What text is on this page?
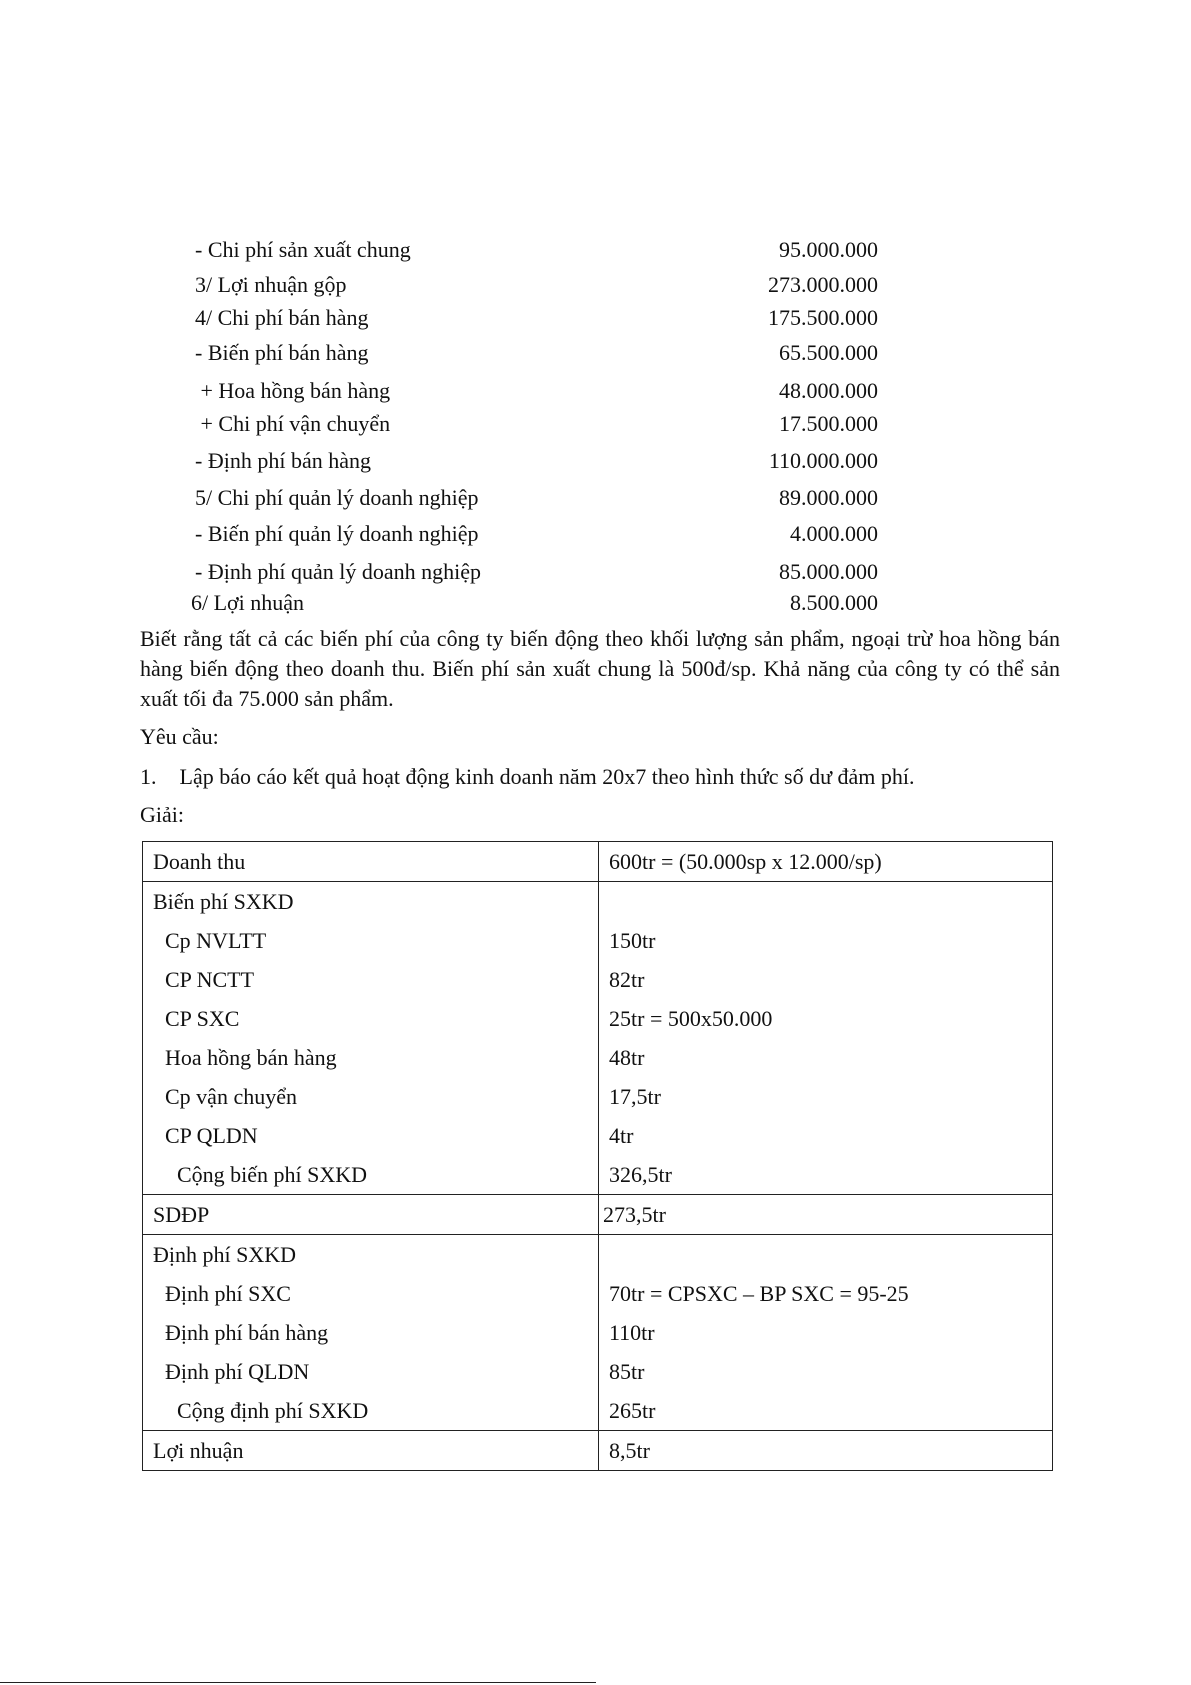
- Chi phí sản xuất chung	95.000.000
3/ Lợi nhuận gộp	273.000.000
4/ Chi phí bán hàng	175.500.000
- Biến phí bán hàng	65.500.000
+ Hoa hồng bán hàng	48.000.000
+ Chi phí vận chuyển	17.500.000
- Định phí bán hàng	110.000.000
5/ Chi phí quản lý doanh nghiệp	89.000.000
- Biến phí quản lý doanh nghiệp	4.000.000
- Định phí quản lý doanh nghiệp	85.000.000
6/ Lợi nhuận	8.500.000
Biết rằng tất cả các biến phí của công ty biến động theo khối lượng sản phẩm, ngoại trừ hoa hồng bán hàng biến động theo doanh thu. Biến phí sản xuất chung là 500đ/sp. Khả năng của công ty có thể sản xuất tối đa 75.000 sản phẩm.
Yêu cầu:
1. Lập báo cáo kết quả hoạt động kinh doanh năm 20x7 theo hình thức số dư đảm phí.
Giải:
Doanh thu	600tr = (50.000sp x 12.000/sp)
Biến phí SXKD	
Cp NVLTT	150tr
CP NCTT	82tr
CP SXC	25tr = 500x50.000
Hoa hồng bán hàng	48tr
Cp vận chuyển	17,5tr
CP QLDN	4tr
Cộng biến phí SXKD	326,5tr
SDĐP	273,5tr
Định phí SXKD	
Định phí SXC	70tr = CPSXC – BP SXC = 95-25
Định phí bán hàng	110tr
Định phí QLDN	85tr
Cộng định phí SXKD	265tr
Lợi nhuận	8,5tr
